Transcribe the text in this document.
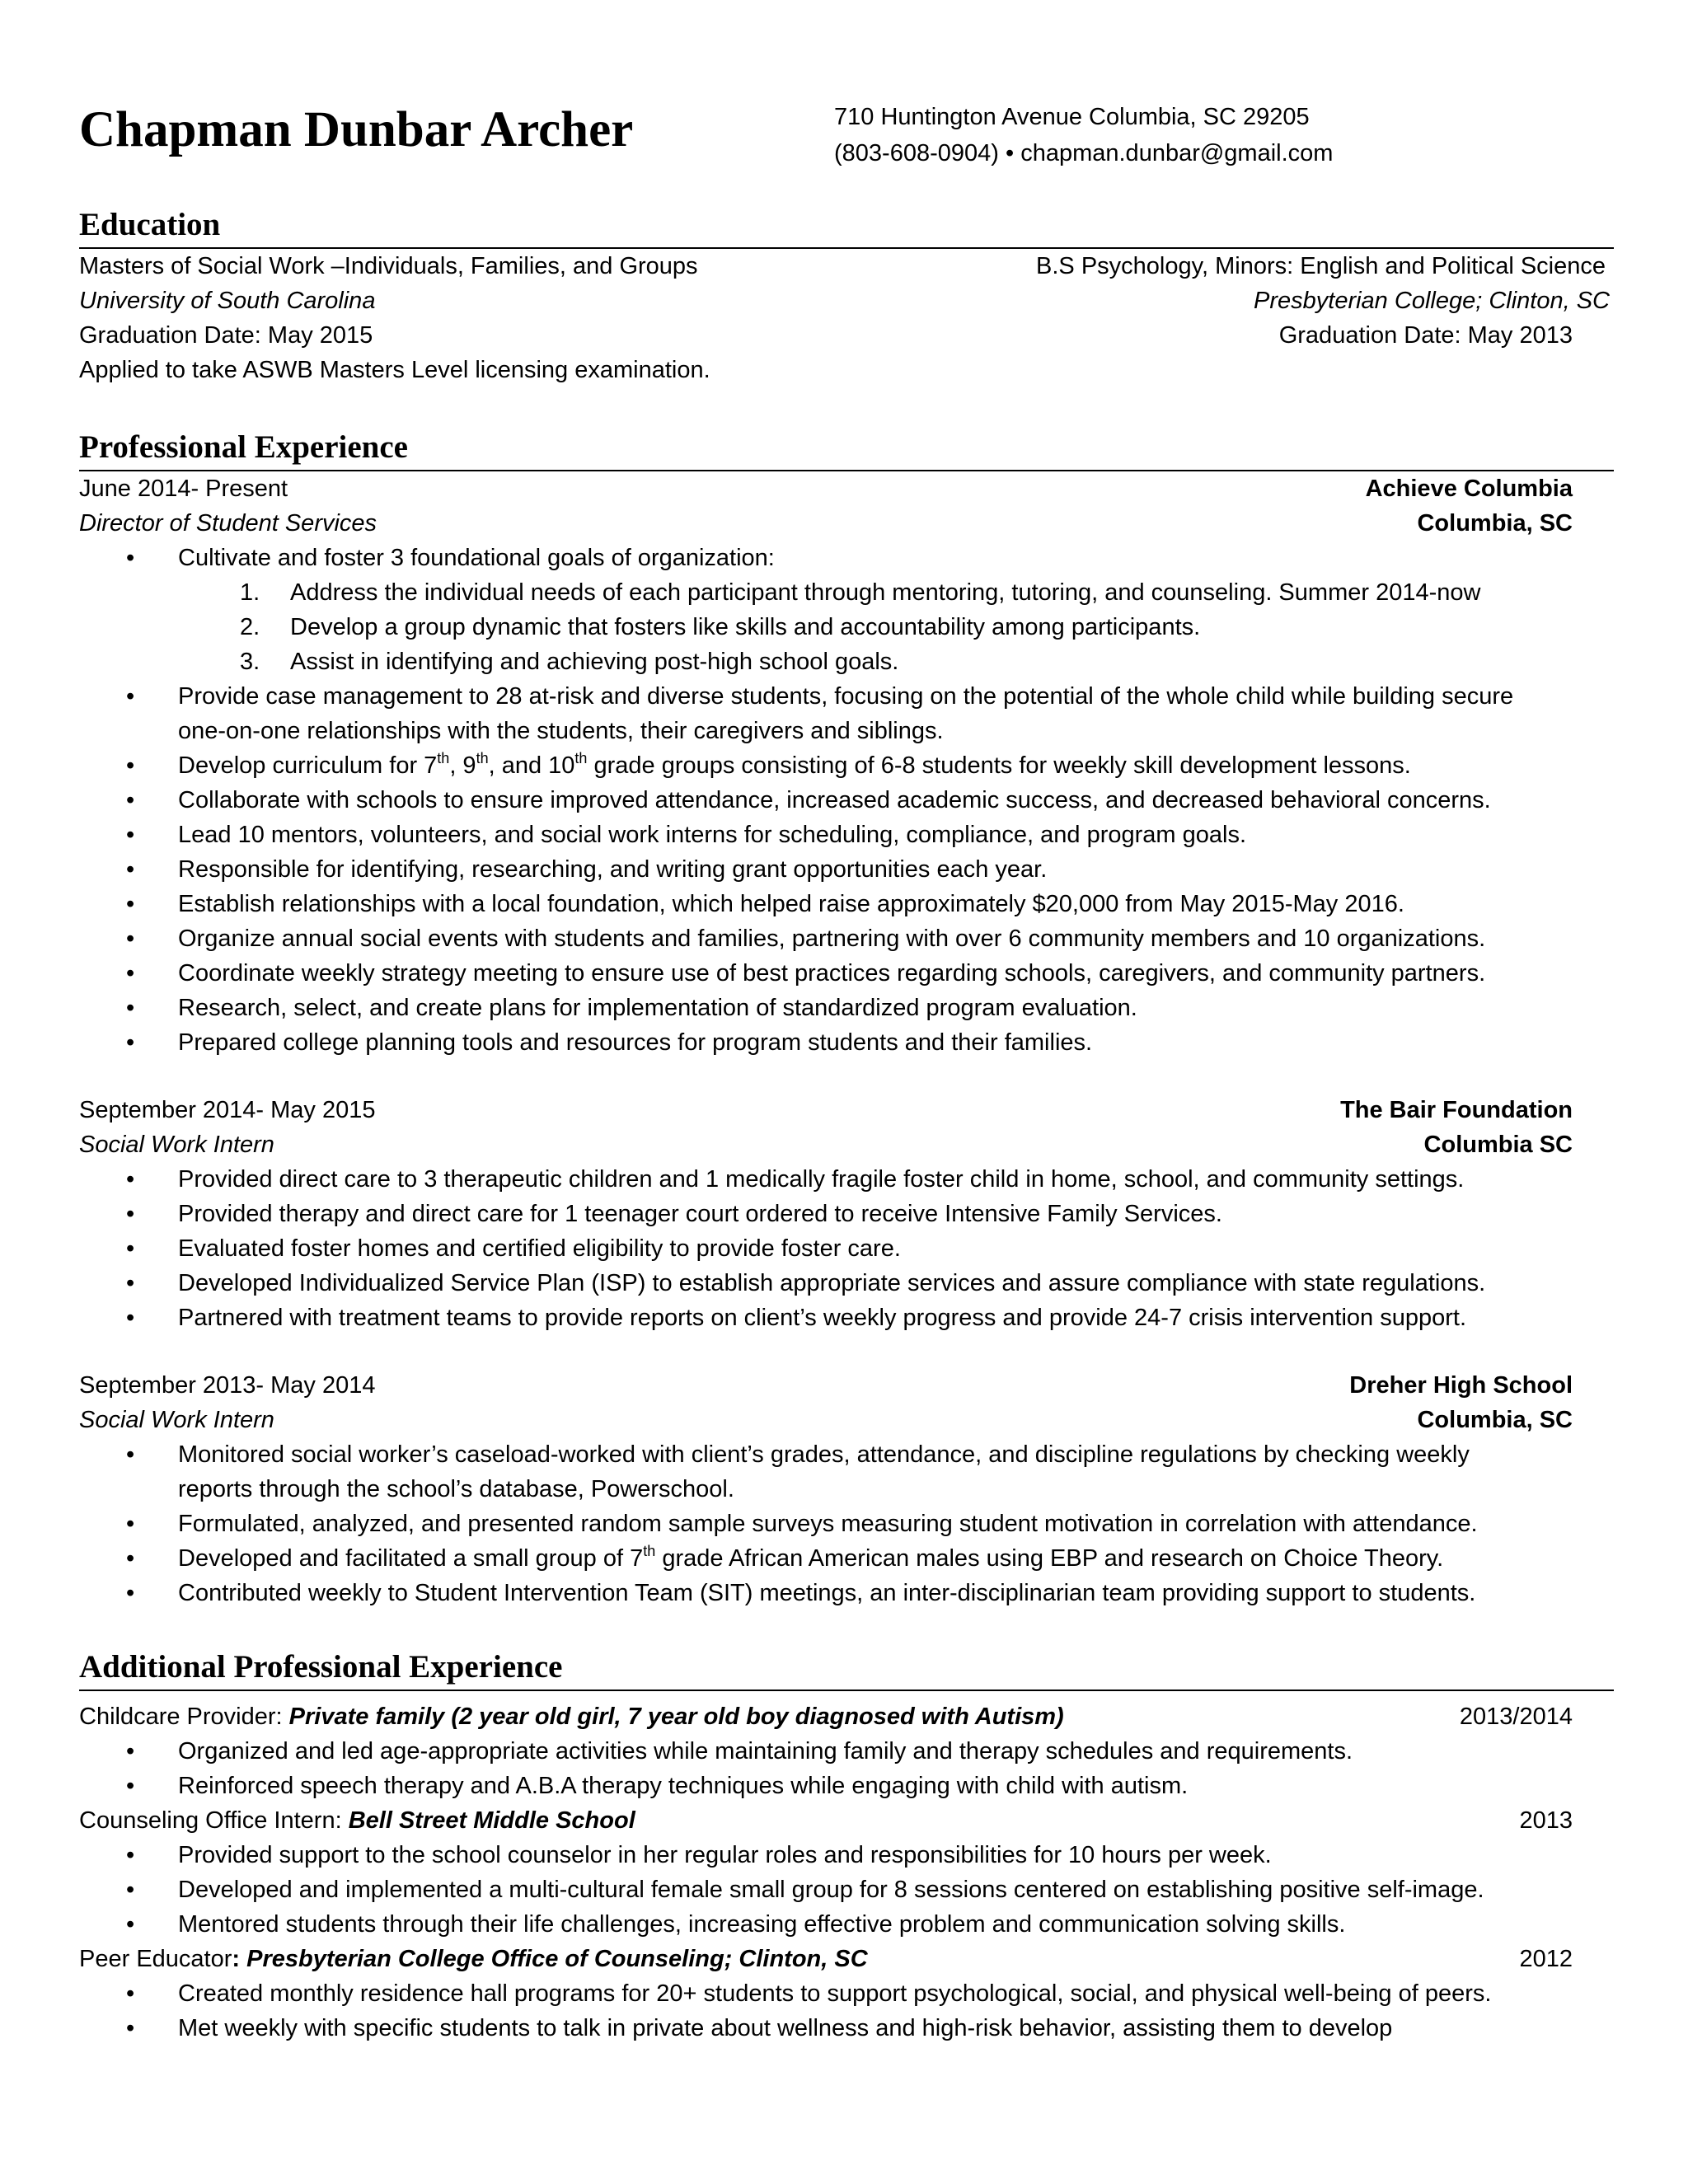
Chapman Dunbar Archer	710 Huntington Avenue Columbia, SC 29205
(803-608-0904) • chapman.dunbar@gmail.com
Education
Masters of Social Work –Individuals, Families, and Groups	B.S Psychology, Minors: English and Political Science
University of South Carolina	Presbyterian College; Clinton, SC
Graduation Date: May 2015	Graduation Date: May 2013
Applied to take ASWB Masters Level licensing examination.
Professional Experience
June 2014- Present	Achieve Columbia
Director of Student Services	Columbia, SC
• Cultivate and foster 3 foundational goals of organization:
1. Address the individual needs of each participant through mentoring, tutoring, and counseling. Summer 2014-now
2. Develop a group dynamic that fosters like skills and accountability among participants.
3. Assist in identifying and achieving post-high school goals.
• Provide case management to 28 at-risk and diverse students, focusing on the potential of the whole child while building secure
one-on-one relationships with the students, their caregivers and siblings.
• Develop curriculum for 7th, 9th, and 10th grade groups consisting of 6-8 students for weekly skill development lessons.
• Collaborate with schools to ensure improved attendance, increased academic success, and decreased behavioral concerns.
• Lead 10 mentors, volunteers, and social work interns for scheduling, compliance, and program goals.
• Responsible for identifying, researching, and writing grant opportunities each year.
• Establish relationships with a local foundation, which helped raise approximately $20,000 from May 2015-May 2016.
• Organize annual social events with students and families, partnering with over 6 community members and 10 organizations.
• Coordinate weekly strategy meeting to ensure use of best practices regarding schools, caregivers, and community partners.
• Research, select, and create plans for implementation of standardized program evaluation.
• Prepared college planning tools and resources for program students and their families.
September 2014- May 2015	The Bair Foundation
Social Work Intern	Columbia SC
• Provided direct care to 3 therapeutic children and 1 medically fragile foster child in home, school, and community settings.
• Provided therapy and direct care for 1 teenager court ordered to receive Intensive Family Services.
• Evaluated foster homes and certified eligibility to provide foster care.
• Developed Individualized Service Plan (ISP) to establish appropriate services and assure compliance with state regulations.
• Partnered with treatment teams to provide reports on client’s weekly progress and provide 24-7 crisis intervention support.
September 2013- May 2014	Dreher High School
Social Work Intern	Columbia, SC
• Monitored social worker’s caseload-worked with client’s grades, attendance, and discipline regulations by checking weekly
reports through the school’s database, Powerschool.
• Formulated, analyzed, and presented random sample surveys measuring student motivation in correlation with attendance.
• Developed and facilitated a small group of 7th grade African American males using EBP and research on Choice Theory.
• Contributed weekly to Student Intervention Team (SIT) meetings, an inter-disciplinarian team providing support to students.
Additional Professional Experience
Childcare Provider: Private family (2 year old girl, 7 year old boy diagnosed with Autism)	2013/2014
• Organized and led age-appropriate activities while maintaining family and therapy schedules and requirements.
• Reinforced speech therapy and A.B.A therapy techniques while engaging with child with autism.
Counseling Office Intern: Bell Street Middle School	2013
• Provided support to the school counselor in her regular roles and responsibilities for 10 hours per week.
• Developed and implemented a multi-cultural female small group for 8 sessions centered on establishing positive self-image.
• Mentored students through their life challenges, increasing effective problem and communication solving skills.
Peer Educator: Presbyterian College Office of Counseling; Clinton, SC	2012
• Created monthly residence hall programs for 20+ students to support psychological, social, and physical well-being of peers.
• Met weekly with specific students to talk in private about wellness and high-risk behavior, assisting them to develop
